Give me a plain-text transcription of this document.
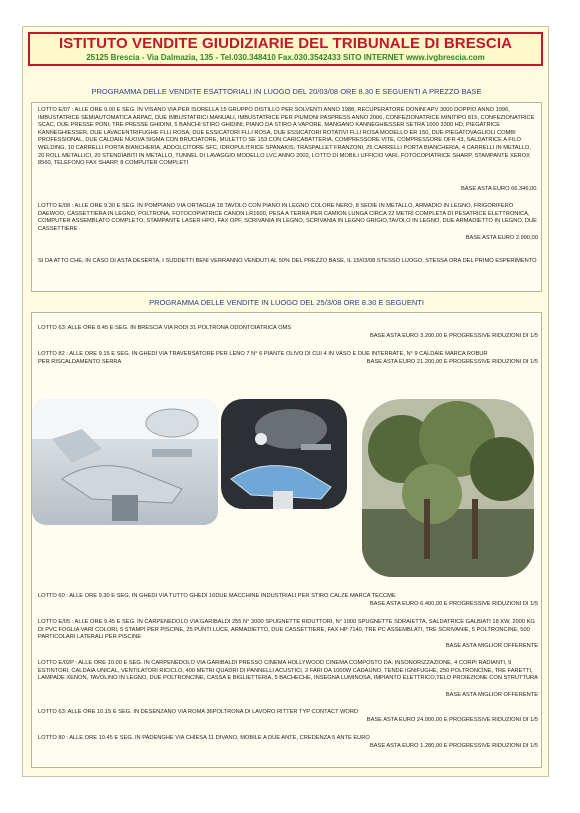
ISTITUTO VENDITE GIUDIZIARIE DEL TRIBUNALE DI BRESCIA
25125 Brescia - Via Dalmazia, 135 - Tel.030.348410 Fax.030.3542433 SITO INTERNET www.ivgbrescia.com
PROGRAMMA DELLE VENDITE ESATTORIALI IN LUOGO DEL 20/03/08 ORE 8.30 E SEGUENTI A PREZZO BASE
LOTTO E/07 : ALLE ORE 9.00 E SEG. IN VISANO VIA PER ISORELLA 15 GRUPPO DISTILLO PER SOLVENTI ANNO 1988, RECUPERATORE DONINI APV 3000 DOPPIO ANNO 1996, IMBUSTATRICE SEMIAUTOMATICA ARPAC, DUE IMBUSTATRICI MANUALI, IMBUSTATRICE PER PIUMONI PASPRESS ANNO 2006, CONFEZIONATRICE MINITIPO 815, CONFEZIONATRICE SCAC, DUE PRESSE PONI, TRE PRESSE GHIDINI, 5 BANCHI STIRO GHIDINI, PIANO DA STIRO A VAPORE, MANGANO KANNEGHIESSER SETRA 1000 3300 HD, PIEGATRICE KANNEGHIESSER, DUE LAVACENTRIFUGHE FLLI ROSA, DUE ESSICATORI FLLI ROSA, DUE ESSICATORI ROTATIVI FLLI ROSA MODELLO ER 150, DUE PIEGATOVAGLIOLI COMBI PROFESSIONAL, DUE CALDAIE NUOVA SIGMA CON BRUCIATORE, MULETTO SE 153 CON CARICABATTERIA, COMPRESSORE VITE, COMPRESSORE OFR 43, SALDATRICE A FILO WELDING, 10 CARRELLI PORTA BIANCHERIA, ADDOLCITORE SFC, IDROPULITRICE SPANAKIS, TRASPALLET FRANZONI, 25 CARRELLI PORTA BIANCHERIA, 4 CARRELLI IN METALLO, 20 ROLL METALLICI, 20 STENDIABITI IN METALLO, TUNNEL DI LAVAGGIO MODELLO LVC ANNO 2002, LOTTO DI MOBILI UFFICIO VARI, FOTOCOPIATRICE SHARP, STAMPANTE XEROX 8560, TELEFONO FAX SHARP, 8 COMPUTER COMPLETI
BASE ASTA EURO 66.346,00.
LOTTO E/08 : ALLE ORE 9.30 E SEG. IN POMPIANO VIA ORTAGLIA 18 TAVOLO CON PIANO IN LEGNO COLORE NERO, 8 SEDIE IN METALLO, ARMADIO IN LEGNO, FRIGORIFERO DAEWOO, CASSETTIERA IN LEGNO, POLTRONA, FOTOCOPIATRICE CANON LR1600, PESA A TERRA PER CAMION LUNGA CIRCA 22 METRI COMPLETA DI PESATRICE ELETTRONICA, COMPUTER ASSEMBLATO COMPLETO, STAMPANTE LASER HPO, FAX OPF, SCRIVANIA IN LEGNO, SCRIVANIA IN LEGNO GRIGIO,TAVOLO IN LEGNO, DUE ARMADIETTO IN LEGNO, DUE CASSETTIERE
BASE ASTA EURO 2.990,00
SI DA ATTO CHE, IN CASO DI ASTA DESERTA, I SUDDETTI BENI VERRANNO VENDUTI AL 50% DEL PREZZO BASE, IL 15/03/08 STESSO LUOGO, STESSA ORA DEL PRIMO ESPERIMENTO
PROGRAMMA DELLE VENDITE IN LUOGO DEL 25/3/08 ORE 8.30 E SEGUENTI
LOTTO 63: ALLE ORE 8.45 E SEG. IN BRESCIA VIA RODI 31 POLTRONA ODONTOIATRICA OMS
BASE ASTA EURO 3.200,00 E PROGRESSIVE RIDUZIONI DI 1/5
LOTTO 82 : ALLE ORE 9.15 E SEG. IN GHEDI VIA TRAVERSATORE PER LENO 7 N° 6 PIANTE OLIVO DI CUI 4 IN VASO E DUE INTERRATE, N° 9 CALDAIE MARCA ROBUR PER RISCALDAMENTO SERRA	BASE ASTA EURO 21.200,00 E PROGRESSIVE RIDUZIONI DI 1/5
LOTTO 60 : ALLE ORE 9.30 E SEG. IN GHEDI VIA TUTTO GHEDI 16DUE MACCHINE INDUSTRIALI PER STIRO CALZE MARCA TECCME
BASE ASTA EURO 6.400,00 E PROGRESSIVE RIDUZIONI DI 1/5
LOTTO E/05 : ALLE ORE 9.45 E SEG. IN CARPENEDOLO VIA GARIBALDI 255 N° 3000 SPUGNETTE RIDUTTORI, N° 1000 SPUGNETTE SDRAIETTA, SALDATRICE GALBIATI 18 KW, 2000 KG DI PVC FOGLIA VARI COLORI, 5 STAMPI PER PISCINE, 25 PUNTI LUCE, ARMADIETTO, DUE CASSETTIERE, FAX HP 7140, TRE PC ASSEMBLATI, TRE SCRIVANIE, 5 POLTRONCINE, 500 PARTICOLARI LATERALI PER PISCINE
BASE ASTA MIGLIOR OFFERENTE
LOTTO E/02P : ALLE ORE 10.00 E SEG. IN CARPENEDOLO VIA GARIBALDI PRESSO CINEMA HOLLYWOOD CINEMA COMPOSTO DA: INSONORIZZAZIONE, 4 CORPI RADIANTI, 9 ESTINTORI, CALDAIA UNICAL, VENTILATORI RICICLO, 400 METRI QUADRI DI PANNELLI ACUSTICI, 2 FARI DA 1000W CADAUNO, TENDE IGNIFUGHE, 250 POLTRONCINE, TRE FARETTI, LAMPADE XENON, TAVOLINO IN LEGNO, DUE POLTRONCINE, CASSA E BIGLIETTERIA, 5 BACHECHE, INSEGNA LUMINOSA, IMPIANTO ELETTRICO,TELO PROIEZIONE CON STRUTTURA
BASE ASTA MIGLIOR OFFERENTE
LOTTO 63: ALLE ORE 10.15 E SEG. IN DESENZANO VIA ROMA 36POLTRONA DI LAVORO RITTER TYP CONTACT WORD
BASE ASTA EURO 24.000,00 E PROGRESSIVE RIDUZIONI DI 1/5
LOTTO 80 : ALLE ORE 10.45 E SEG. IN PADENGHE VIA CHIESA 11 DIVANO, MOBILE A DUE ANTE, CREDENZA 5 ANTE EURO
BASE ASTA EURO 1.280,00 E PROGRESSIVE RIDUZIONI DI 1/5
